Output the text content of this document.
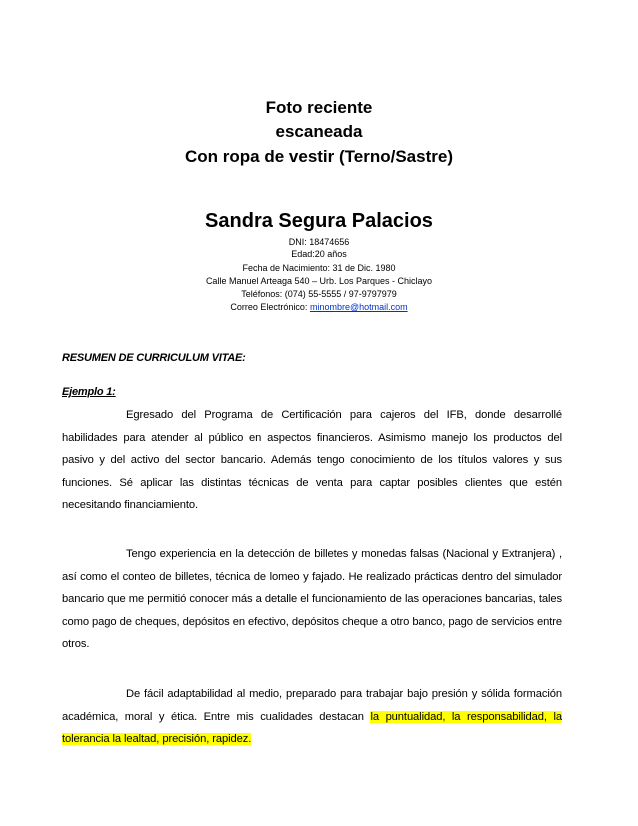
Foto reciente
escaneada
Con ropa de vestir (Terno/Sastre)
Sandra Segura Palacios
DNI: 18474656
Edad:20 años
Fecha de Nacimiento: 31 de Dic. 1980
Calle Manuel Arteaga 540 – Urb. Los Parques - Chiclayo
Teléfonos: (074) 55-5555 / 97-9797979
Correo Electrónico: minombre@hotmail.com
RESUMEN DE CURRICULUM VITAE:
Ejemplo 1:
Egresado del Programa de Certificación para cajeros del IFB, donde desarrollé habilidades para atender al público en aspectos financieros. Asimismo manejo los productos del pasivo y del activo del sector bancario. Además tengo conocimiento de los títulos valores y sus funciones. Sé aplicar las distintas técnicas de venta para captar posibles clientes que estén necesitando financiamiento.
Tengo experiencia en la detección de billetes y monedas falsas (Nacional y Extranjera) , así como el conteo de billetes, técnica de lomeo y fajado. He realizado prácticas dentro del simulador bancario que me permitió conocer más a detalle el funcionamiento de las operaciones bancarias, tales como pago de cheques, depósitos en efectivo, depósitos cheque a otro banco, pago de servicios entre otros.
De fácil adaptabilidad al medio, preparado para trabajar bajo presión y sólida formación académica, moral y ética. Entre mis cualidades destacan la puntualidad, la responsabilidad, la tolerancia la lealtad, precisión, rapidez.
